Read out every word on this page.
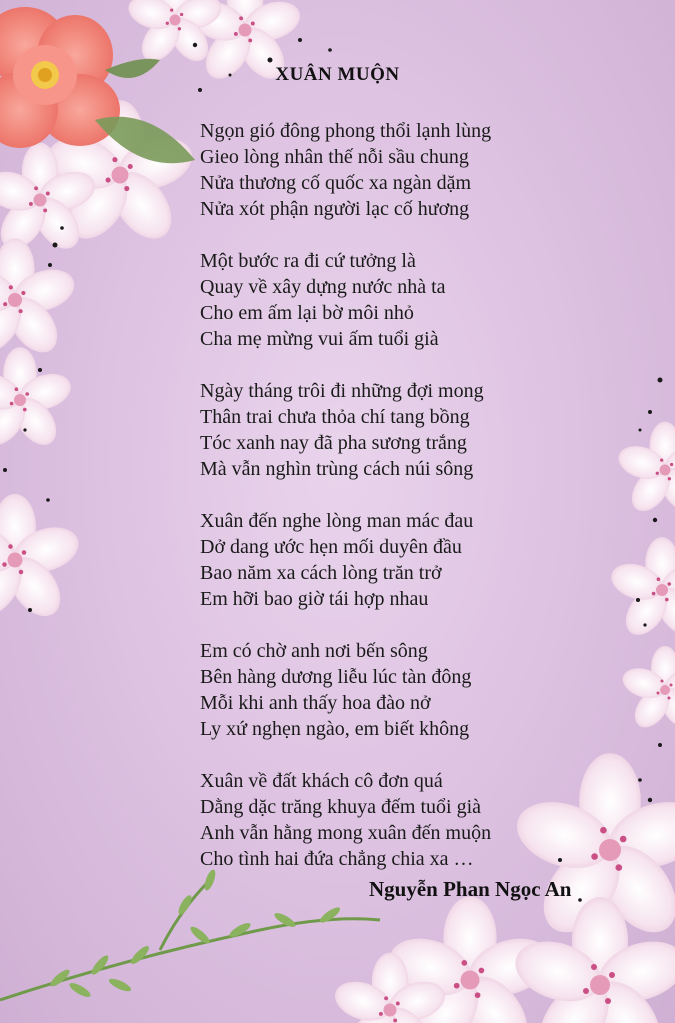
XUÂN MUỘN
Ngọn gió đông phong thổi lạnh lùng
Gieo lòng nhân thế nỗi sầu chung
Nửa thương cố quốc xa ngàn dặm
Nửa xót phận người lạc cố hương
Một bước ra đi cứ tưởng là
Quay về xây dựng nước nhà ta
Cho em ấm lại bờ môi nhỏ
Cha mẹ mừng vui ấm tuổi già
Ngày tháng trôi đi những đợi mong
Thân trai chưa thỏa chí tang bồng
Tóc xanh nay đã pha sương trắng
Mà vẫn nghìn trùng cách núi sông
Xuân đến nghe lòng man mác đau
Dở dang ước hẹn mối duyên đầu
Bao năm xa cách lòng trăn trở
Em hỡi bao giờ tái hợp nhau
Em có chờ anh nơi bến sông
Bên hàng dương liễu lúc tàn đông
Mỗi khi anh thấy hoa đào nở
Ly xứ nghẹn ngào, em biết không
Xuân về đất khách cô đơn quá
Dằng dặc trăng khuya đếm tuổi già
Anh vẫn hằng mong xuân đến muộn
Cho tình hai đứa chẳng chia xa …
Nguyễn Phan Ngọc An
